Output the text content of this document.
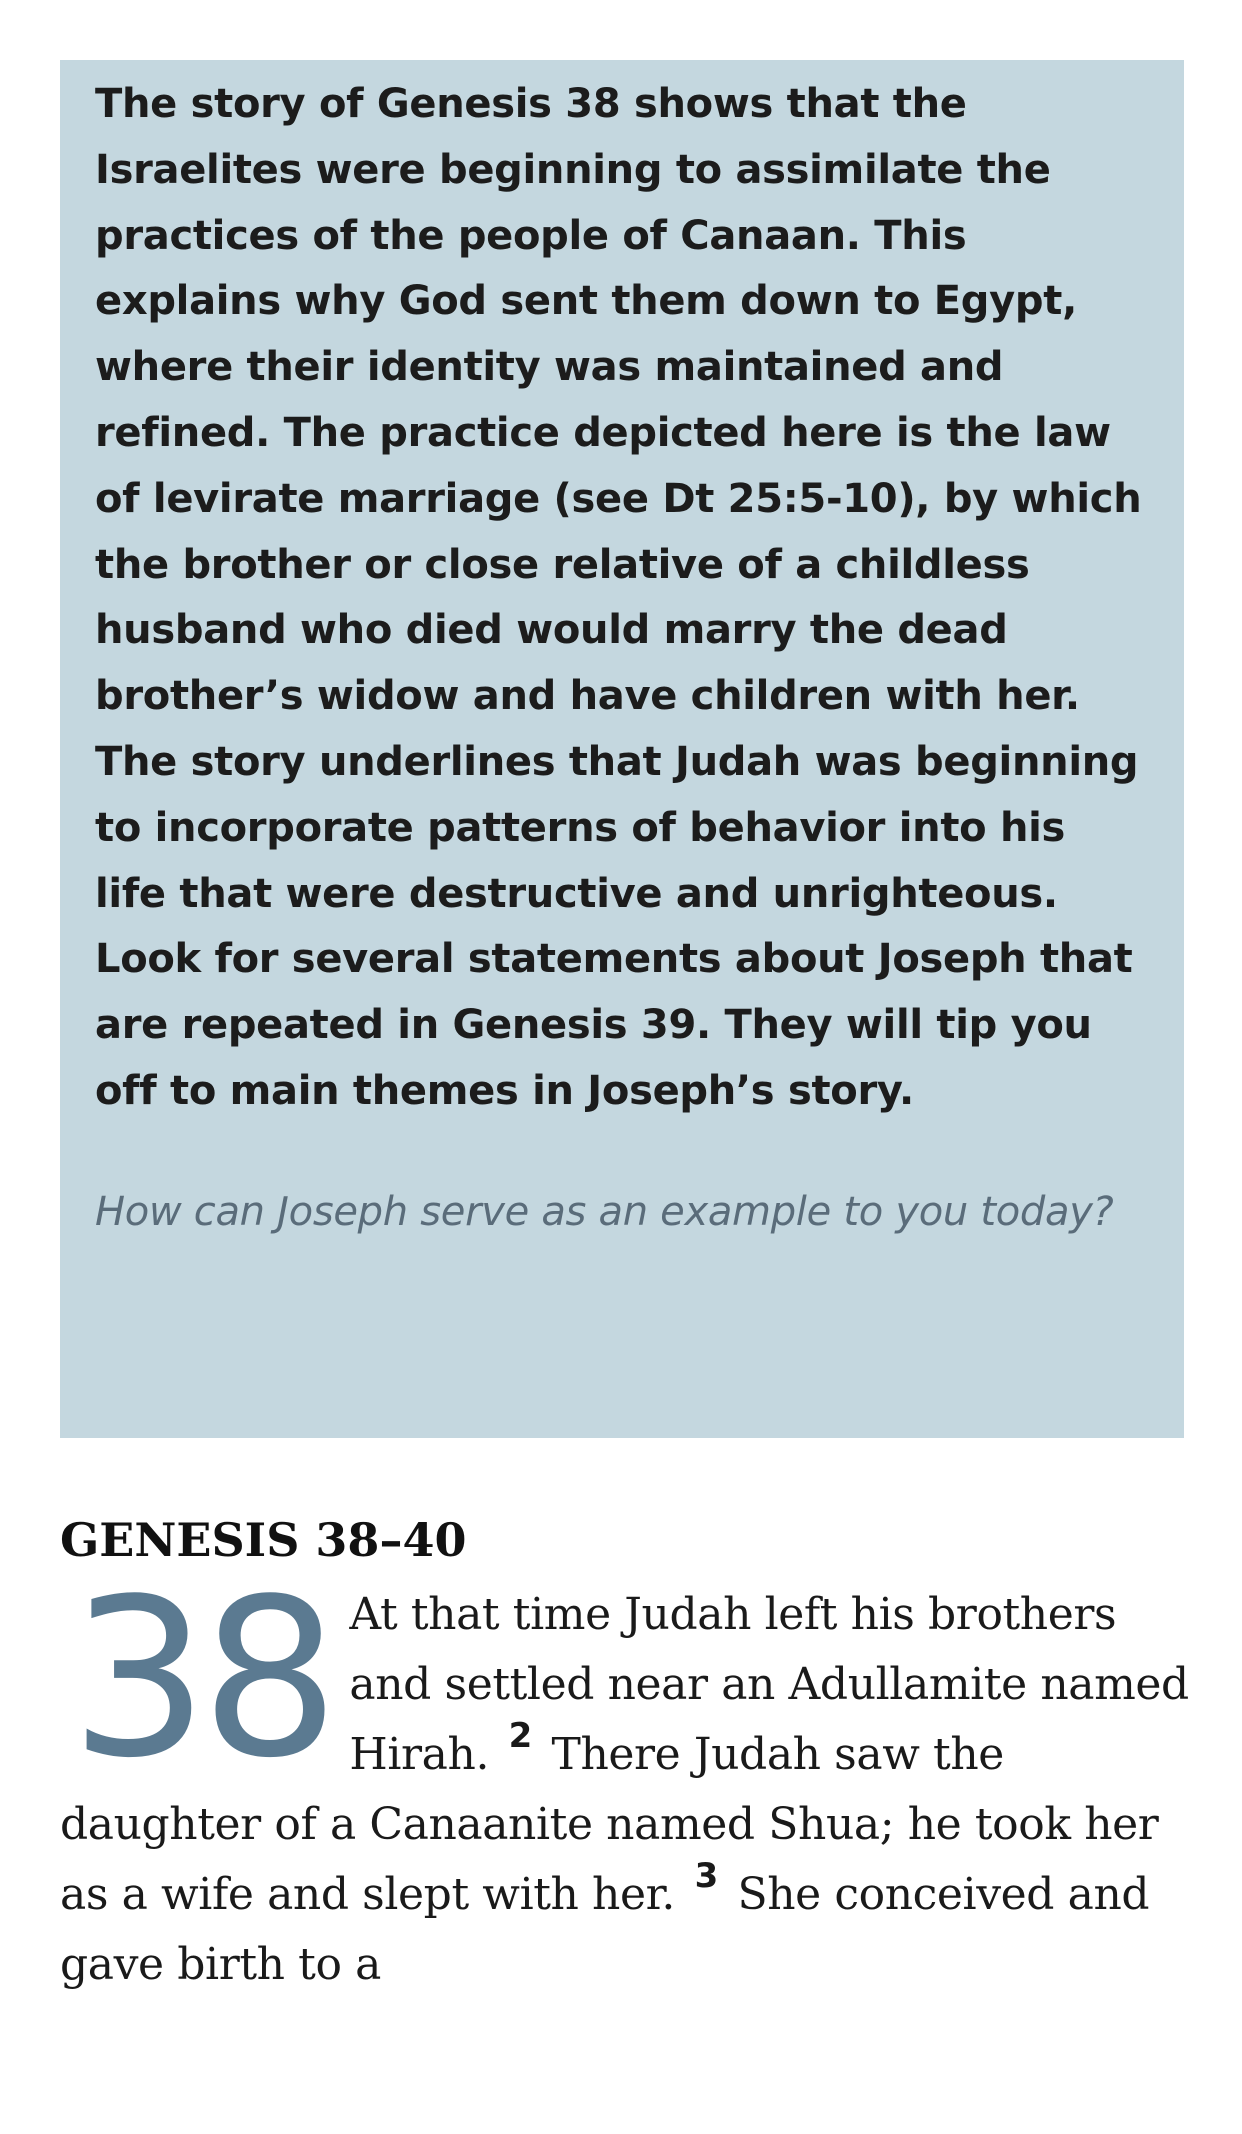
The story of Genesis 38 shows that the Israelites were beginning to assimilate the practices of the people of Canaan. This explains why God sent them down to Egypt, where their identity was maintained and refined. The practice depicted here is the law of levirate marriage (see Dt 25:5-10), by which the brother or close relative of a childless husband who died would marry the dead brother’s widow and have children with her. The story underlines that Judah was beginning to incorporate patterns of behavior into his life that were destructive and unrighteous.

Look for several statements about Joseph that are repeated in Genesis 39. They will tip you off to main themes in Joseph’s story.

How can Joseph serve as an example to you today?

GENESIS 38–40

38 At that time Judah left his brothers and settled near an Adullamite named Hirah. $^2$ There Judah saw the daughter of a Canaanite named Shua; he took her as a wife and slept with her. $^3$ She conceived and gave birth to a
